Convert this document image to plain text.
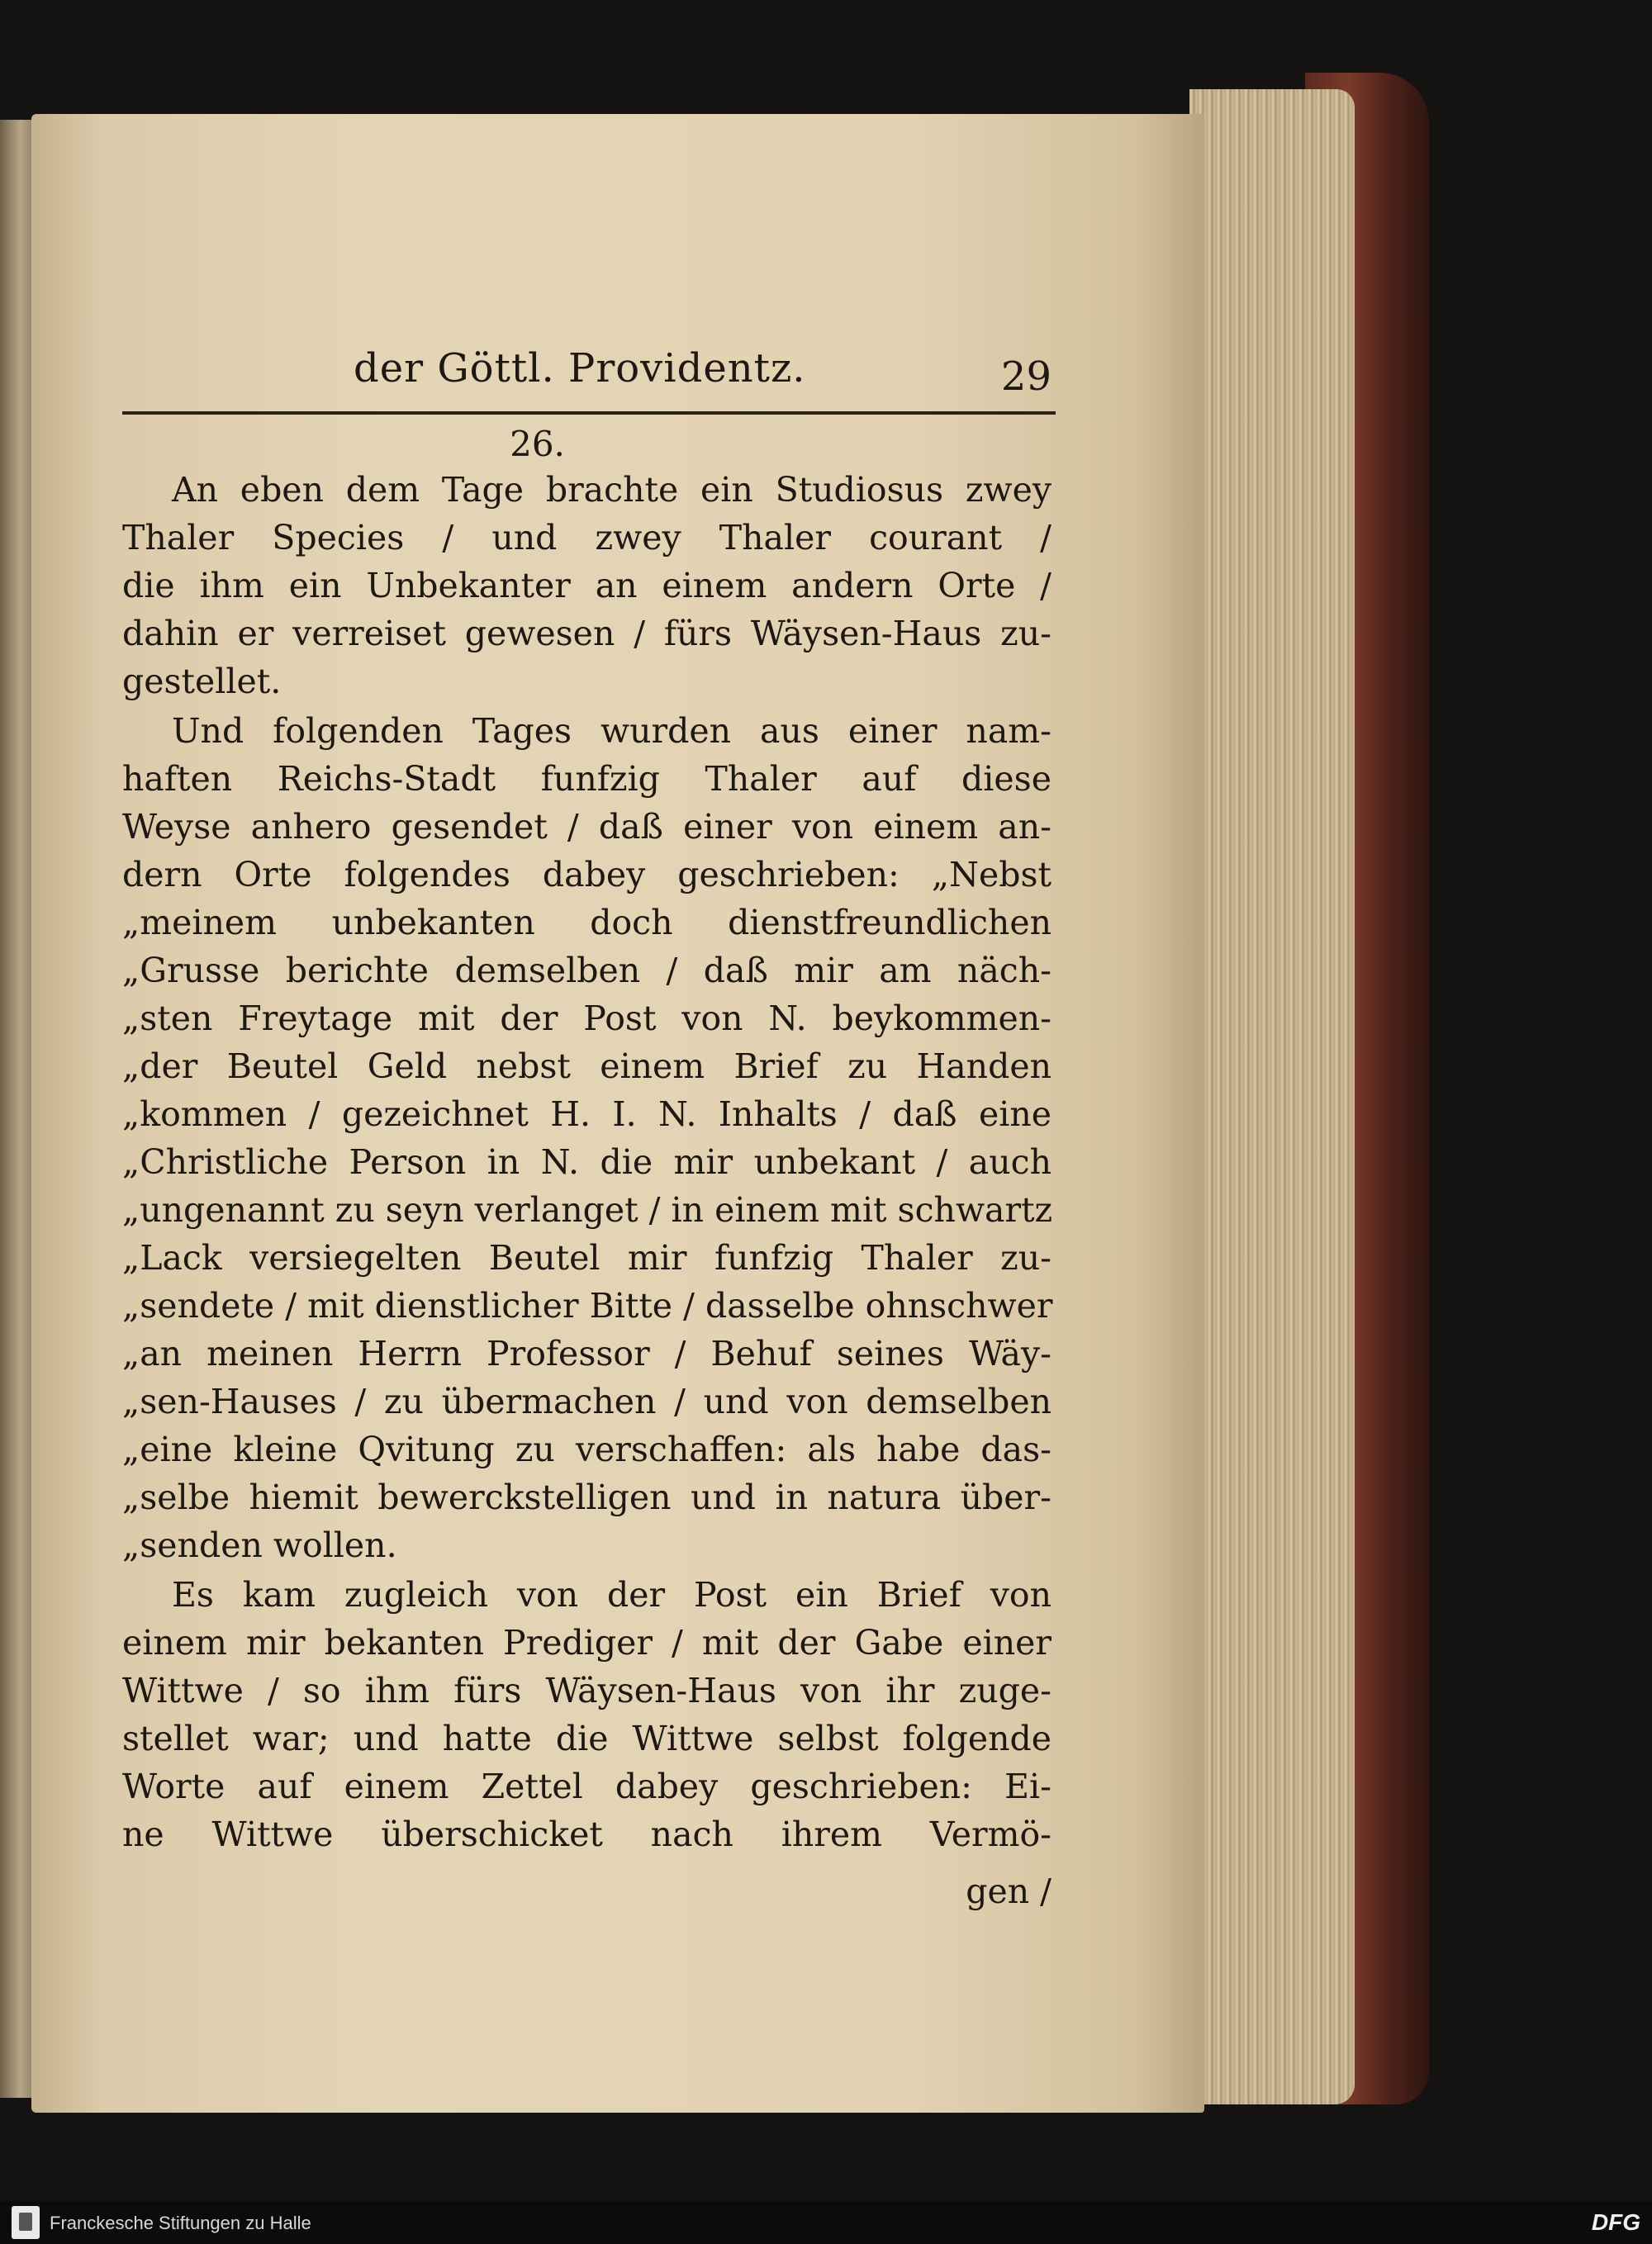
der Göttl. Providentz.	29
26.
An eben dem Tage brachte ein Studiosus zwey
Thaler Species / und zwey Thaler courant /
die ihm ein Unbekanter an einem andern Orte /
dahin er verreiset gewesen / fürs Wäysen-Haus zu-
gestellet.
Und folgenden Tages wurden aus einer nam-
haften Reichs-Stadt funfzig Thaler auf diese
Weyse anhero gesendet / daß einer von einem an-
dern Orte folgendes dabey geschrieben: „Nebst
„meinem unbekanten doch dienstfreundlichen
„Grusse berichte demselben / daß mir am näch-
„sten Freytage mit der Post von N. beykommen-
„der Beutel Geld nebst einem Brief zu Handen
„kommen / gezeichnet H. I. N. Inhalts / daß eine
„Christliche Person in N. die mir unbekant / auch
„ungenannt zu seyn verlanget / in einem mit schwartz
„Lack versiegelten Beutel mir funfzig Thaler zu-
„sendete / mit dienstlicher Bitte / dasselbe ohnschwer
„an meinen Herrn Professor / Behuf seines Wäy-
„sen-Hauses / zu übermachen / und von demselben
„eine kleine Qvitung zu verschaffen: als habe das-
„selbe hiemit bewerckstelligen und in natura über-
„senden wollen.
Es kam zugleich von der Post ein Brief von
einem mir bekanten Prediger / mit der Gabe einer
Wittwe / so ihm fürs Wäysen-Haus von ihr zuge-
stellet war; und hatte die Wittwe selbst folgende
Worte auf einem Zettel dabey geschrieben: Ei-
ne Wittwe überschicket nach ihrem Vermö-
gen /
Franckesche Stiftungen zu Halle	DFG
